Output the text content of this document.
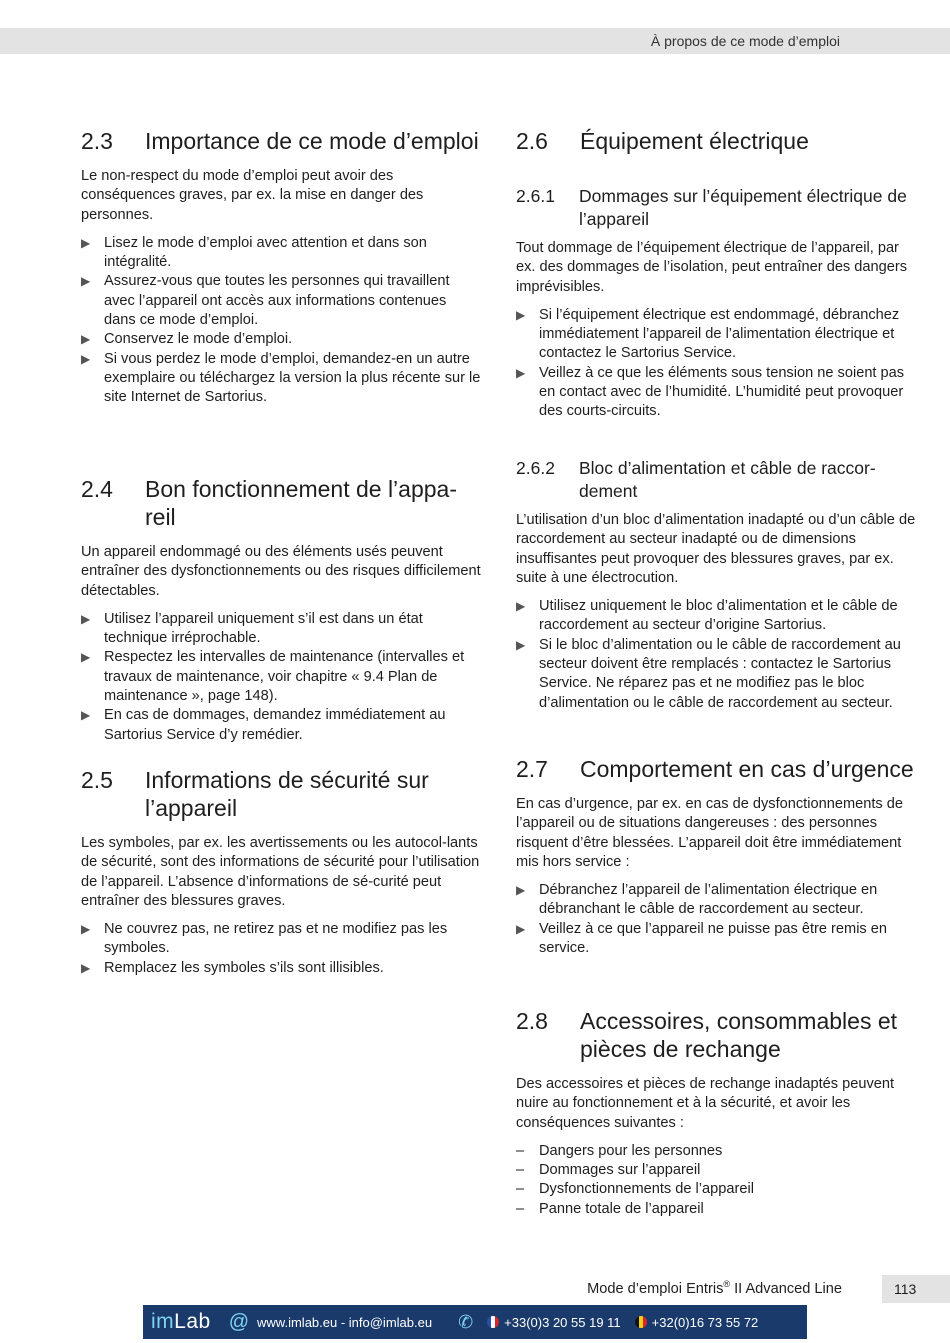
À propos de ce mode d’emploi
2.3	Importance de ce mode d’emploi

Le non-respect du mode d’emploi peut avoir des conséquences graves, par ex. la mise en danger des personnes.

▶ Lisez le mode d’emploi avec attention et dans son intégralité.
▶ Assurez-vous que toutes les personnes qui travaillent avec l’appareil ont accès aux informations contenues dans ce mode d’emploi.
▶ Conservez le mode d’emploi.
▶ Si vous perdez le mode d’emploi, demandez-en un autre exemplaire ou téléchargez la version la plus récente sur le site Internet de Sartorius.
2.4	Bon fonctionnement de l’appa-reil

Un appareil endommagé ou des éléments usés peuvent entraîner des dysfonctionnements ou des risques difficilement détectables.

▶ Utilisez l’appareil uniquement s’il est dans un état technique irréprochable.
▶ Respectez les intervalles de maintenance (intervalles et travaux de maintenance, voir chapitre « 9.4 Plan de maintenance », page 148).
▶ En cas de dommages, demandez immédiatement au Sartorius Service d’y remédier.
2.5	Informations de sécurité sur l’appareil

Les symboles, par ex. les avertissements ou les autocol-lants de sécurité, sont des informations de sécurité pour l’utilisation de l’appareil. L’absence d’informations de sé-curité peut entraîner des blessures graves.

▶ Ne couvrez pas, ne retirez pas et ne modifiez pas les symboles.
▶ Remplacez les symboles s’ils sont illisibles.
2.6	Équipement électrique
2.6.1	Dommages sur l’équipement électrique de l’appareil

Tout dommage de l’équipement électrique de l’appareil, par ex. des dommages de l’isolation, peut entraîner des dangers imprévisibles.

▶ Si l’équipement électrique est endommagé, débranchez immédiatement l’appareil de l’alimentation électrique et contactez le Sartorius Service.
▶ Veillez à ce que les éléments sous tension ne soient pas en contact avec de l’humidité. L’humidité peut provoquer des courts-circuits.
2.6.2	Bloc d’alimentation et câble de raccor-dement

L’utilisation d’un bloc d’alimentation inadapté ou d’un câble de raccordement au secteur inadapté ou de dimensions insuffisantes peut provoquer des blessures graves, par ex. suite à une électrocution.

▶ Utilisez uniquement le bloc d’alimentation et le câble de raccordement au secteur d’origine Sartorius.
▶ Si le bloc d’alimentation ou le câble de raccordement au secteur doivent être remplacés : contactez le Sartorius Service. Ne réparez pas et ne modifiez pas le bloc d’alimentation ou le câble de raccordement au secteur.
2.7	Comportement en cas d’urgence

En cas d’urgence, par ex. en cas de dysfonctionnements de l’appareil ou de situations dangereuses : des personnes risquent d’être blessées. L’appareil doit être immédiatement mis hors service :

▶ Débranchez l’appareil de l’alimentation électrique en débranchant le câble de raccordement au secteur.
▶ Veillez à ce que l’appareil ne puisse pas être remis en service.
2.8	Accessoires, consommables et pièces de rechange

Des accessoires et pièces de rechange inadaptés peuvent nuire au fonctionnement et à la sécurité, et avoir les conséquences suivantes :

–	Dangers pour les personnes
–	Dommages sur l’appareil
–	Dysfonctionnements de l’appareil
–	Panne totale de l’appareil
Mode d’emploi Entris® II Advanced Line	113
imLab @ www.imlab.eu - info@imlab.eu ✆ +33(0)3 20 55 19 11 +32(0)16 73 55 72
